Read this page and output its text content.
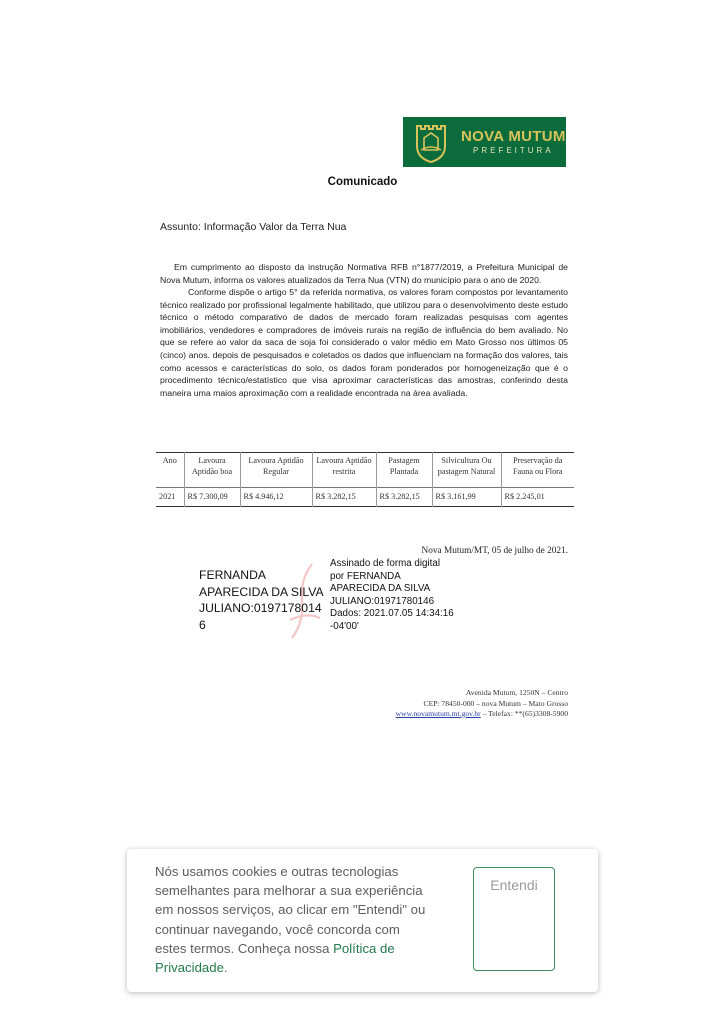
NOVA MUTUM
PREFEITURA
Comunicado
Assunto: Informação Valor da Terra Nua
Em cumprimento ao disposto da instrução Normativa RFB n°1877/2019, a Prefeitura Municipal de Nova Mutum, informa os valores atualizados da Terra Nua (VTN) do município para o ano de 2020.
Conforme dispõe o artigo 5° da referida normativa, os valores foram compostos por levantamento técnico realizado por profissional legalmente habilitado, que utilizou para o desenvolvimento deste estudo técnico o método comparativo de dados de mercado foram realizadas pesquisas com agentes imobiliários, vendedores e compradores de imóveis rurais na região de influência do bem avaliado. No que se refere ao valor da saca de soja foi considerado o valor médio em Mato Grosso nos últimos 05 (cinco) anos. depois de pesquisados e coletados os dados que influenciam na formação dos valores, tais como acessos e características do solo, os dados foram ponderados por homogeneização que é o procedimento técnico/estatístico que visa aproximar características das amostras, conferindo desta maneira uma maios aproximação com a realidade encontrada na área avaliada.
Ano	Lavoura Aptidão boa	Lavoura Aptidão Regular	Lavoura Aptidão restrita	Pastagem Plantada	Silvicultura Ou pastagem Natural	Preservação da Fauna ou Flora
2021	R$ 7.300,09	R$ 4.946,12	R$ 3.282,15	R$ 3.282,15	R$ 3.161,99	R$ 2.245,01
Nova Mutum/MT, 05 de julho de 2021.
FERNANDA
APARECIDA DA SILVA
JULIANO:0197178014
6
Assinado de forma digital
por FERNANDA
APARECIDA DA SILVA
JULIANO:01971780146
Dados: 2021.07.05 14:34:16
-04'00'
Avenida Mutum, 1250N – Centro
CEP: 78450-000 – nova Mutum – Mato Grosso
www.novamutum.mt.gov.br – Telefax: **(65)3308-5900
Nós usamos cookies e outras tecnologias semelhantes para melhorar a sua experiência em nossos serviços, ao clicar em "Entendi" ou continuar navegando, você concorda com estes termos. Conheça nossa Política de Privacidade.
Entendi
